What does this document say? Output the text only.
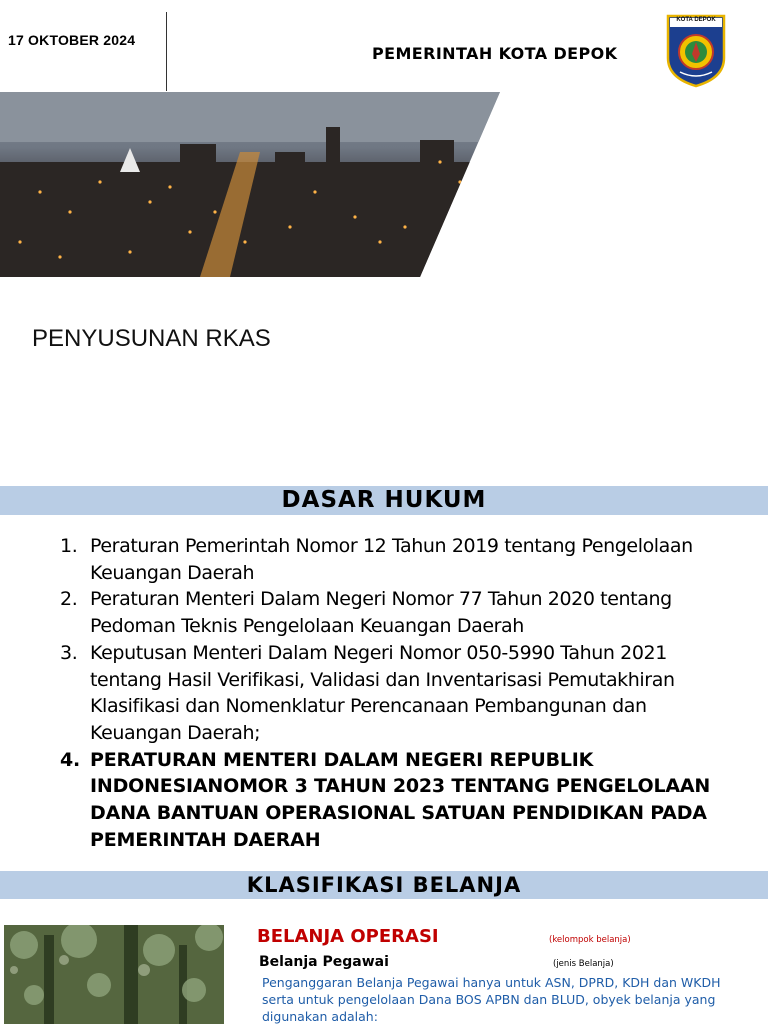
17 OKTOBER 2024
PEMERINTAH KOTA DEPOK
KOTA DEPOK
PENYUSUNAN RKAS
DASAR HUKUM
1. Peraturan Pemerintah Nomor 12 Tahun 2019 tentang Pengelolaan Keuangan Daerah
2. Peraturan Menteri Dalam Negeri Nomor 77 Tahun 2020 tentang Pedoman Teknis Pengelolaan Keuangan Daerah
3. Keputusan Menteri Dalam Negeri Nomor 050-5990 Tahun 2021 tentang Hasil Verifikasi, Validasi dan Inventarisasi Pemutakhiran Klasifikasi dan Nomenklatur Perencanaan Pembangunan dan Keuangan Daerah;
4. PERATURAN MENTERI DALAM NEGERI REPUBLIK INDONESIANOMOR 3 TAHUN 2023 TENTANG PENGELOLAAN DANA BANTUAN OPERASIONAL SATUAN PENDIDIKAN PADA PEMERINTAH DAERAH
KLASIFIKASI BELANJA
BELANJA OPERASI	(kelompok belanja)
Belanja Pegawai	(jenis Belanja)
Penganggaran Belanja Pegawai hanya untuk ASN, DPRD, KDH dan WKDH serta untuk pengelolaan Dana BOS APBN dan BLUD, obyek belanja yang digunakan adalah:
